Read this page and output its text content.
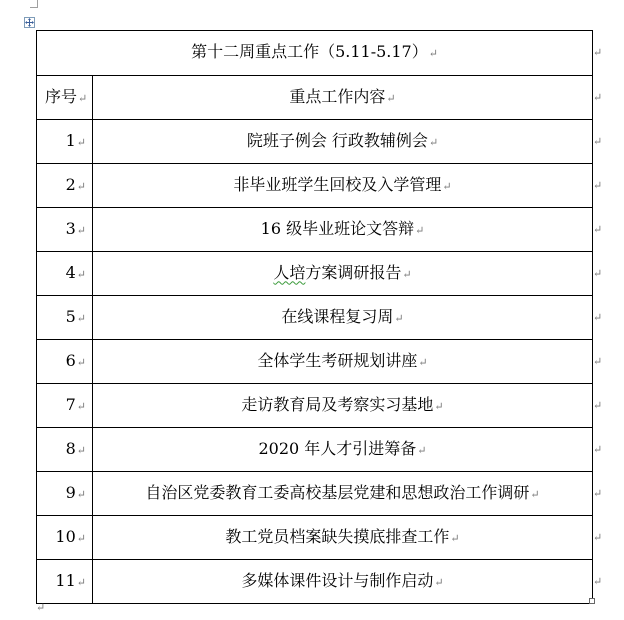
第十二周重点工作（5.11-5.17）↵	
序号↵	重点工作内容↵
1↵	院班子例会 行政教辅例会↵
2↵	非毕业班学生回校及入学管理↵
3↵	16 级毕业班论文答辩↵
4↵	人培方案调研报告↵
5↵	在线课程复习周↵
6↵	全体学生考研规划讲座↵
7↵	走访教育局及考察实习基地↵
8↵	2020 年人才引进筹备↵
9↵	自治区党委教育工委高校基层党建和思想政治工作调研↵
10↵	教工党员档案缺失摸底排查工作↵
11↵	多媒体课件设计与制作启动↵
↵
↵
↵
↵
↵
↵
↵
↵
↵
↵
↵
↵
↵
↵
